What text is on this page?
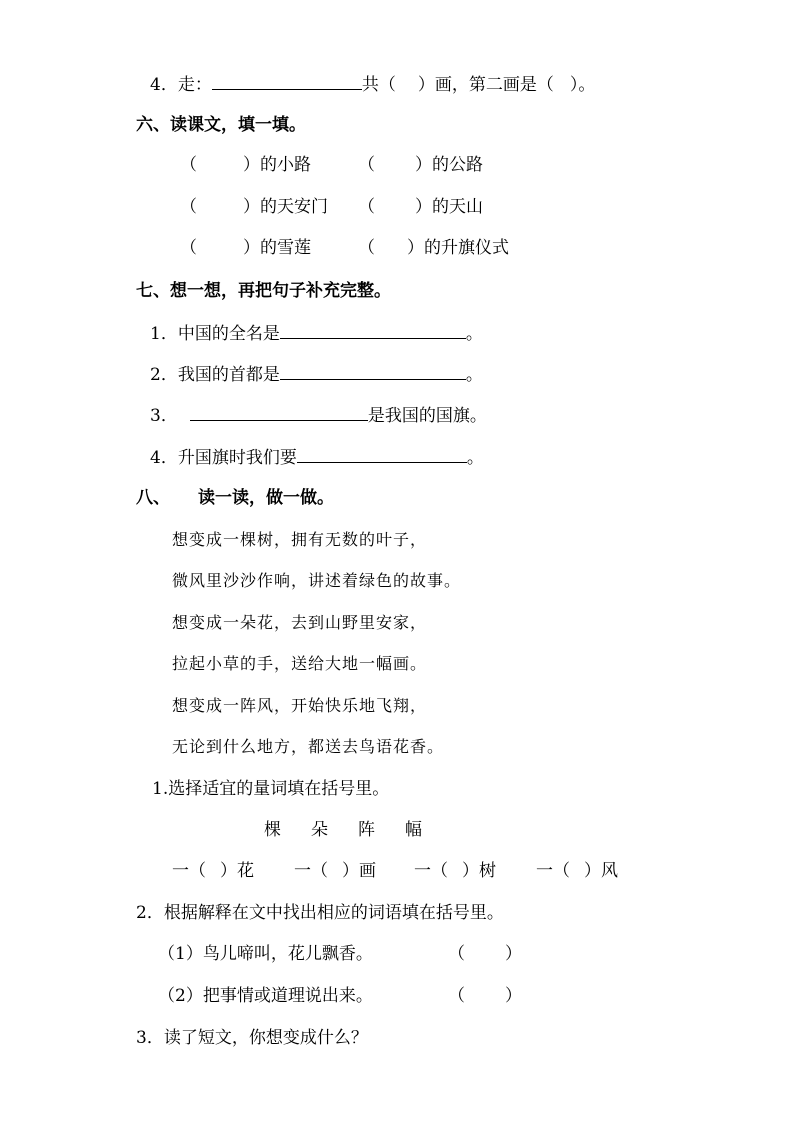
4．走：	共（ ）画，第二画是（ ）。
六、读课文，填一填。
（	）的小路	（ ）的公路
（	）的天安门 （ ）的天山
（	）的雪莲	（ ）的升旗仪式
七、想一想，再把句子补充完整。
1．中国的全名是	。
2．我国的首都是	。
3．	是我国的国旗。
4．升国旗时我们要	。
八、 读一读，做一做。
想变成一棵树，拥有无数的叶子，
微风里沙沙作响，讲述着绿色的故事。
想变成一朵花，去到山野里安家，
拉起小草的手，送给大地一幅画。
想变成一阵风，开始快乐地飞翔，
无论到什么地方，都送去鸟语花香。
1.选择适宜的量词填在括号里。
棵 朵 阵 幅
一（ ）花 一（ ）画 一（ ）树 一（ ）风
2．根据解释在文中找出相应的词语填在括号里。
（1）鸟儿啼叫，花儿飘香。	（ ）
（2）把事情或道理说出来。	（ ）
3．读了短文，你想变成什么？
